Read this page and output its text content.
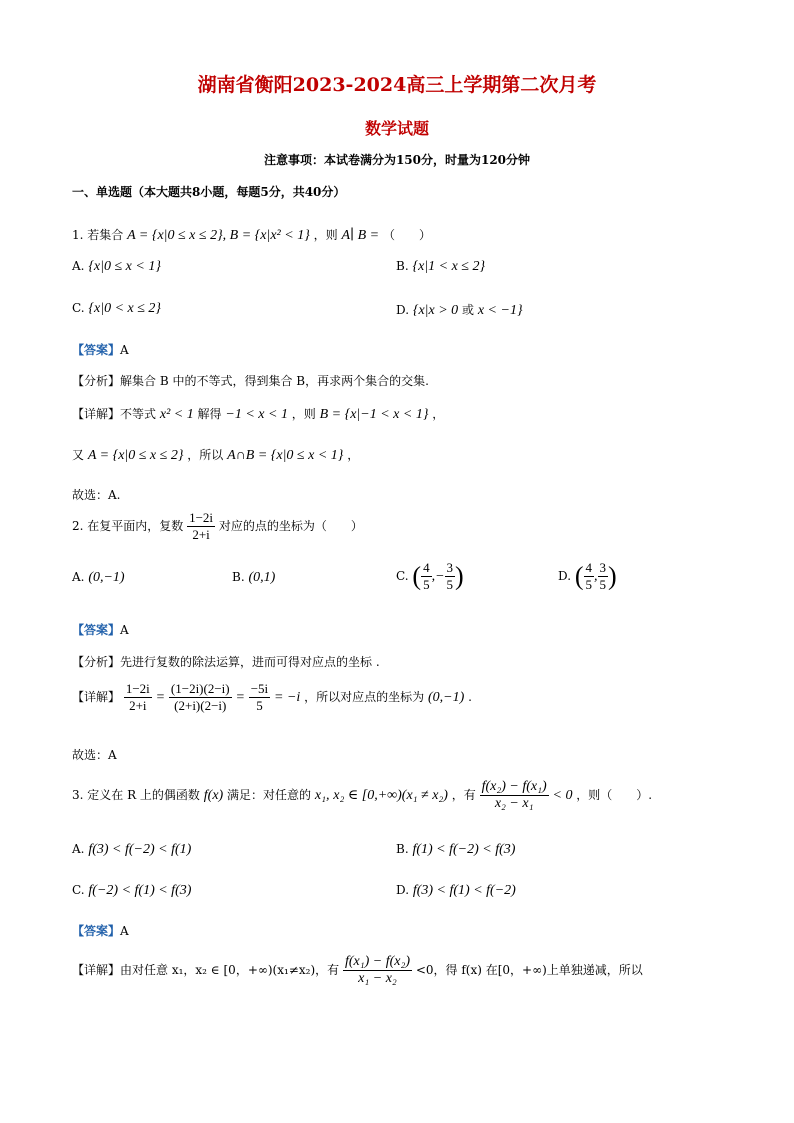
湖南省衡阳2023-2024高三上学期第二次月考
数学试题
注意事项：本试卷满分为150分，时量为120分钟
一、单选题（本大题共8小题，每题5分，共40分）
1. 若集合 A = {x|0 ≤ x ≤ 2}, B = {x|x² < 1} ，则 A∣ B = （　　）
A. {x|0 ≤ x < 1}	B. {x|1 < x ≤ 2}
C. {x|0 < x ≤ 2}	D. {x|x > 0 或 x < −1}
【答案】A
【分析】解集合 B 中的不等式，得到集合 B，再求两个集合的交集.
【详解】不等式 x² < 1 解得 −1 < x < 1 ，则 B = {x|−1 < x < 1} ，
又 A = {x|0 ≤ x ≤ 2} ，所以 A∩B = {x|0 ≤ x < 1} ，
故选：A.
2. 在复平面内，复数 $\frac{1-2i}{2+i}$ 对应的点的坐标为（　　）
A. (0,−1)	B. (0,1)	C. ( $\frac{4}{5}$ ,− $\frac{3}{5}$ )	D. ( $\frac{4}{5}$ , $\frac{3}{5}$ )
【答案】A
【分析】先进行复数的除法运算，进而可得对应点的坐标 .
【详解】 $\frac{1-2i}{2+i} = \frac{(1-2i)(2-i)}{(2+i)(2-i)} = \frac{-5i}{5} = -i$ ，所以对应点的坐标为 (0,−1) .
故选：A
3. 定义在 R 上的偶函数 f(x) 满足：对任意的 x₁, x₂ ∈ [0,+∞)(x₁ ≠ x₂) ，有 $\frac{\text{f(x₂) − f(x₁)}}{\text{x₂ − x₁}} < 0$ ，则（　　）.
A. f(3) < f(−2) < f(1)	B. f(1) < f(−2) < f(3)
C. f(−2) < f(1) < f(3)	D. f(3) < f(1) < f(−2)
【答案】A
【详解】由对任意 x₁，x₂ ∈ [0，+∞)(x₁≠x₂)，有 $\frac{\text{f(x₁) − f(x₂)}}{\text{x₁ − x₂}} <0$，得 f(x) 在[0，+∞)上单独递减，所以
